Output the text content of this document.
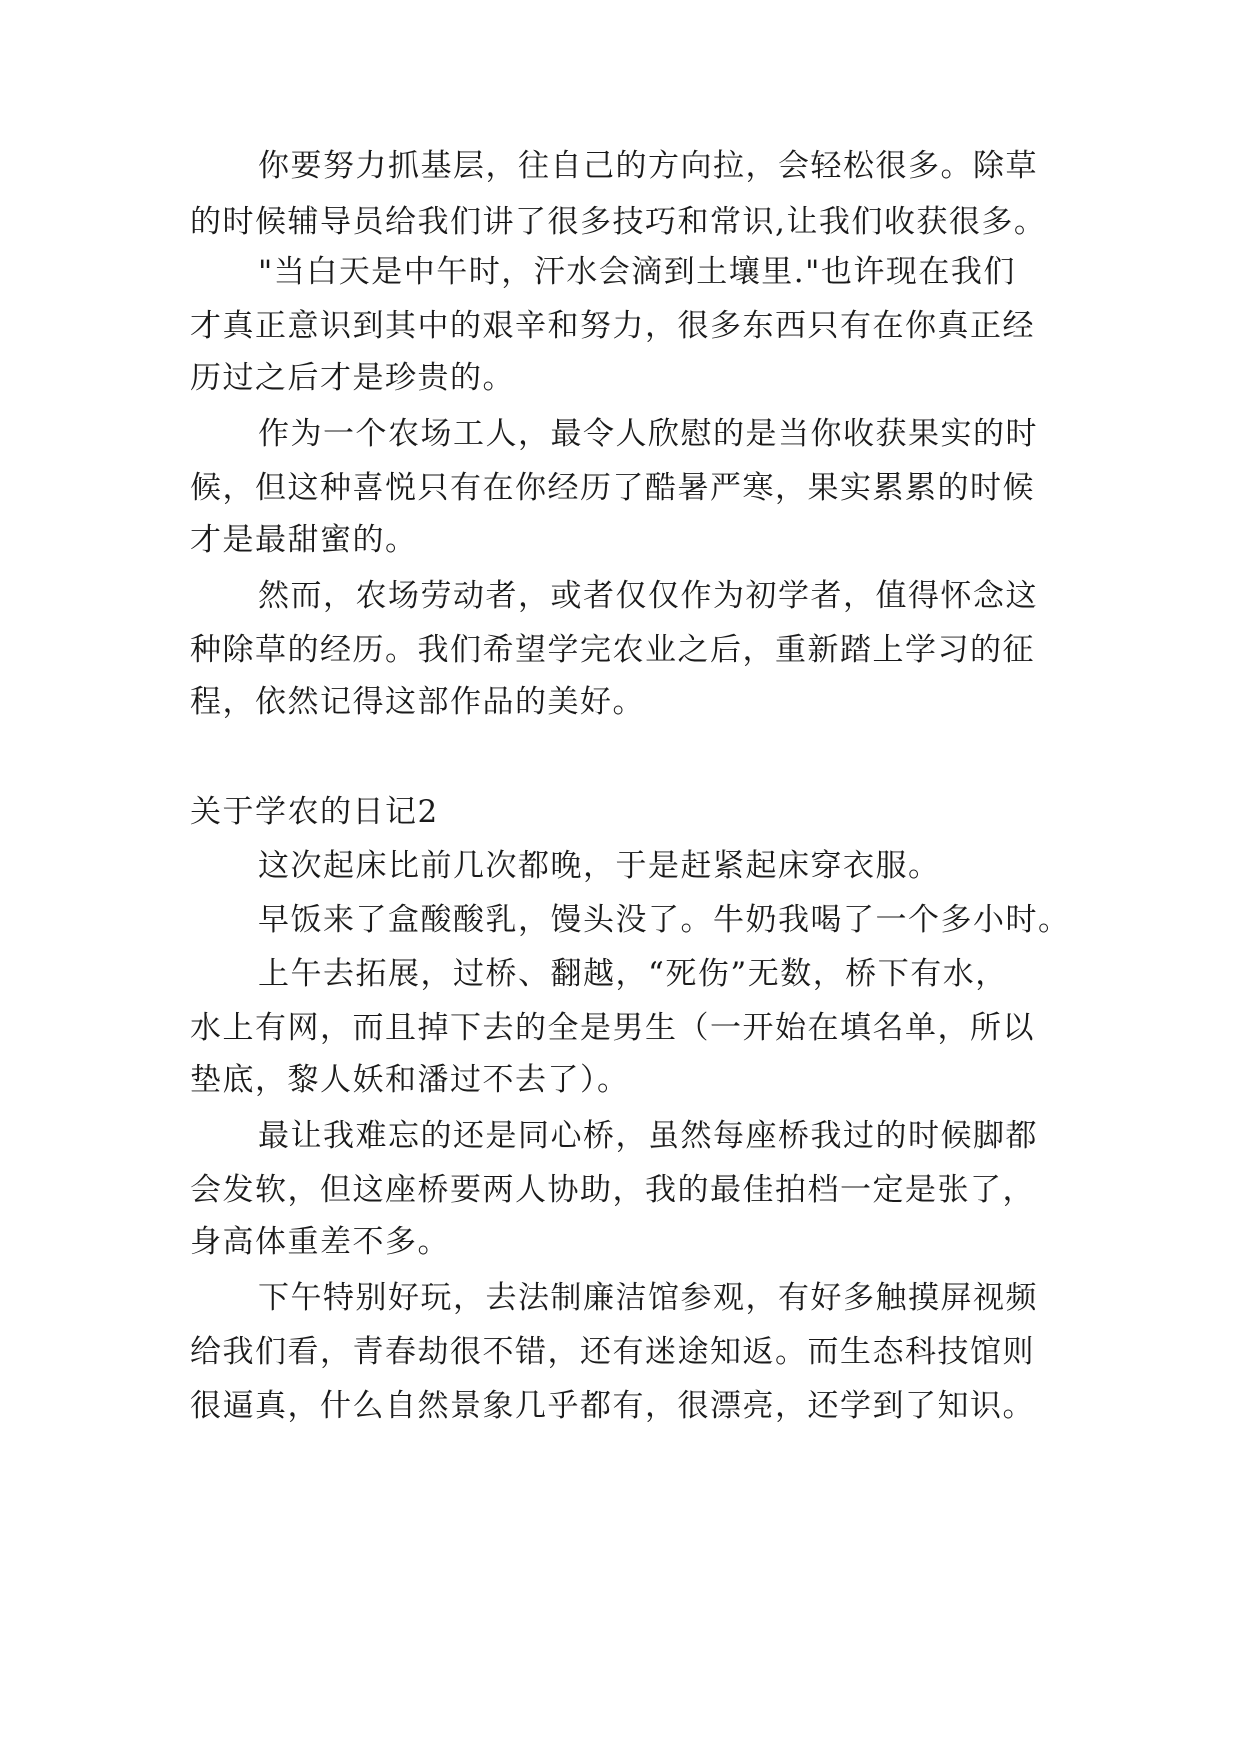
你要努力抓基层，往自己的方向拉，会轻松很多。除草
的时候辅导员给我们讲了很多技巧和常识,让我们收获很多。
"当白天是中午时，汗水会滴到土壤里."也许现在我们
才真正意识到其中的艰辛和努力，很多东西只有在你真正经
历过之后才是珍贵的。
作为一个农场工人，最令人欣慰的是当你收获果实的时
候，但这种喜悦只有在你经历了酷暑严寒，果实累累的时候
才是最甜蜜的。
然而，农场劳动者，或者仅仅作为初学者，值得怀念这
种除草的经历。我们希望学完农业之后，重新踏上学习的征
程，依然记得这部作品的美好。
关于学农的日记2
这次起床比前几次都晚，于是赶紧起床穿衣服。
早饭来了盒酸酸乳，馒头没了。牛奶我喝了一个多小时。
上午去拓展，过桥、翻越，“死伤”无数，桥下有水，
水上有网，而且掉下去的全是男生（一开始在填名单，所以
垫底，黎人妖和潘过不去了）。
最让我难忘的还是同心桥，虽然每座桥我过的时候脚都
会发软，但这座桥要两人协助，我的最佳拍档一定是张了，
身高体重差不多。
下午特别好玩，去法制廉洁馆参观，有好多触摸屏视频
给我们看，青春劫很不错，还有迷途知返。而生态科技馆则
很逼真，什么自然景象几乎都有，很漂亮，还学到了知识。
